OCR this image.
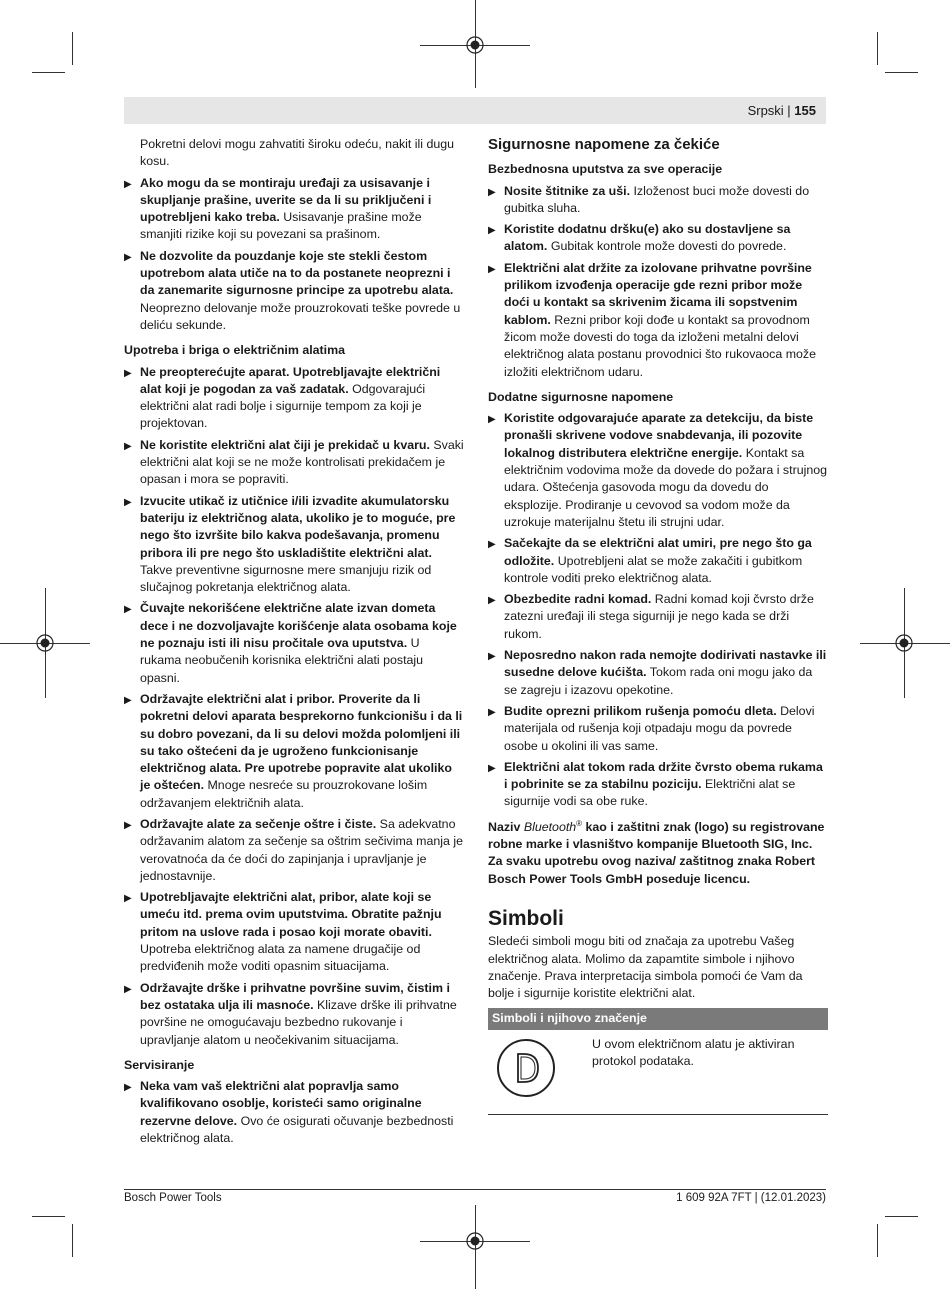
Srpski | 155
Pokretni delovi mogu zahvatiti široku odeću, nakit ili dugu kosu.
▶ Ako mogu da se montiraju uređaji za usisavanje i skupljanje prašine, uverite se da li su priključeni i upotrebljeni kako treba. Usisavanje prašine može smanjiti rizike koji su povezani sa prašinom.
▶ Ne dozvolite da pouzdanje koje ste stekli čestom upotrebom alata utiče na to da postanete neoprezni i da zanemarite sigurnosne principe za upotrebu alata. Neoprezno delovanje može prouzrokovati teške povrede u deliću sekunde.
Upotreba i briga o električnim alatima
▶ Ne preopterećujte aparat. Upotrebljavajte električni alat koji je pogodan za vaš zadatak. Odgovarajući električni alat radi bolje i sigurnije tempom za koji je projektovan.
▶ Ne koristite električni alat čiji je prekidač u kvaru. Svaki električni alat koji se ne može kontrolisati prekidačem je opasan i mora se popraviti.
▶ Izvucite utikač iz utičnice i/ili izvadite akumulatorsku bateriju iz električnog alata, ukoliko je to moguće, pre nego što izvršite bilo kakva podešavanja, promenu pribora ili pre nego što uskladištite električni alat. Takve preventivne sigurnosne mere smanjuju rizik od slučajnog pokretanja električnog alata.
▶ Čuvajte nekorišćene električne alate izvan dometa dece i ne dozvoljavajte korišćenje alata osobama koje ne poznaju isti ili nisu pročitale ova uputstva. U rukama neobučenih korisnika električni alati postaju opasni.
▶ Održavajte električni alat i pribor. Proverite da li pokretni delovi aparata besprekorno funkcionišu i da li su dobro povezani, da li su delovi možda polomljeni ili su tako oštećeni da je ugroženo funkcionisanje električnog alata. Pre upotrebe popravite alat ukoliko je oštećen. Mnoge nesreće su prouzrokovane lošim održavanjem električnih alata.
▶ Održavajte alate za sečenje oštre i čiste. Sa adekvatno održavanim alatom za sečenje sa oštrim sečivima manja je verovatnoća da će doći do zapinjanja i upravljanje je jednostavnije.
▶ Upotrebljavajte električni alat, pribor, alate koji se umeću itd. prema ovim uputstvima. Obratite pažnju pritom na uslove rada i posao koji morate obaviti. Upotreba električnog alata za namene drugačije od predviđenih može voditi opasnim situacijama.
▶ Održavajte drške i prihvatne površine suvim, čistim i bez ostataka ulja ili masnoće. Klizave drške ili prihvatne površine ne omogućavaju bezbedno rukovanje i upravljanje alatom u neočekivanim situacijama.
Servisiranje
▶ Neka vam vaš električni alat popravlja samo kvalifikovano osoblje, koristeći samo originalne rezervne delove. Ovo će osigurati očuvanje bezbednosti električnog alata.
Sigurnosne napomene za čekiće
Bezbednosna uputstva za sve operacije
▶ Nosite štitnike za uši. Izloženost buci može dovesti do gubitka sluha.
▶ Koristite dodatnu dršku(e) ako su dostavljene sa alatom. Gubitak kontrole može dovesti do povrede.
▶ Električni alat držite za izolovane prihvatne površine prilikom izvođenja operacije gde rezni pribor može doći u kontakt sa skrivenim žicama ili sopstvenim kablom. Rezni pribor koji dođe u kontakt sa provodnom žicom može dovesti do toga da izloženi metalni delovi električnog alata postanu provodnici što rukovaoca može izložiti električnom udaru.
Dodatne sigurnosne napomene
▶ Koristite odgovarajuće aparate za detekciju, da biste pronašli skrivene vodove snabdevanja, ili pozovite lokalnog distributera električne energije. Kontakt sa električnim vodovima može da dovede do požara i strujnog udara. Oštećenja gasovoda mogu da dovedu do eksplozije. Prodiranje u cevovod sa vodom može da uzrokuje materijalnu štetu ili strujni udar.
▶ Sačekajte da se električni alat umiri, pre nego što ga odložite. Upotrebljeni alat se može zakačiti i gubitkom kontrole voditi preko električnog alata.
▶ Obezbedite radni komad. Radni komad koji čvrsto drže zatezni uređaji ili stega sigurniji je nego kada se drži rukom.
▶ Neposredno nakon rada nemojte dodirivati nastavke ili susedne delove kućišta. Tokom rada oni mogu jako da se zagreju i izazovu opekotine.
▶ Budite oprezni prilikom rušenja pomoću dleta. Delovi materijala od rušenja koji otpadaju mogu da povrede osobe u okolini ili vas same.
▶ Električni alat tokom rada držite čvrsto obema rukama i pobrinite se za stabilnu poziciju. Električni alat se sigurnije vodi sa obe ruke.
Naziv Bluetooth® kao i zaštitni znak (logo) su registrovane robne marke i vlasništvo kompanije Bluetooth SIG, Inc. Za svaku upotrebu ovog naziva/ zaštitnog znaka Robert Bosch Power Tools GmbH poseduje licencu.
Simboli
Sledeći simboli mogu biti od značaja za upotrebu Vašeg električnog alata. Molimo da zapamtite simbole i njihovo značenje. Prava interpretacija simbola pomoći će Vam da bolje i sigurnije koristite električni alat.
Simboli i njihovo značenje
U ovom električnom alatu je aktiviran protokol podataka.
Bosch Power Tools	1 609 92A 7FT | (12.01.2023)
